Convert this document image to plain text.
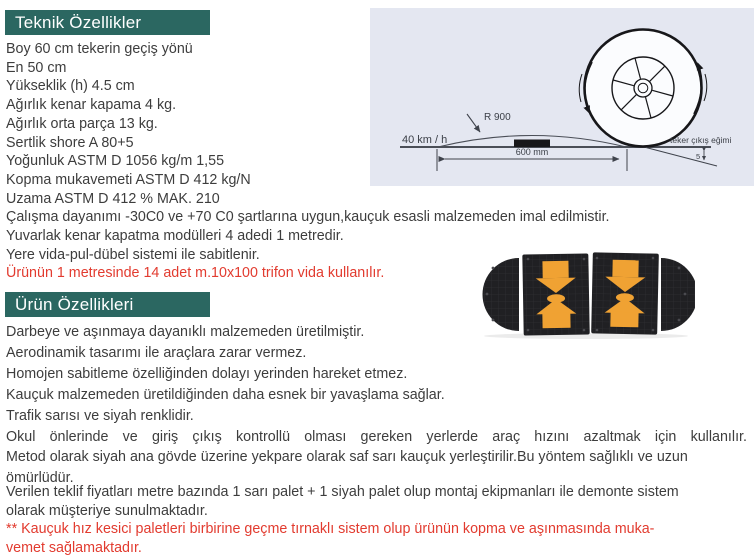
Teknik Özellikler
R 900
40 km / h
600 mm
teker çıkış eğimi
5
Boy 60 cm tekerin geçiş yönü
En 50 cm
Yükseklik (h) 4.5 cm
Ağırlık kenar kapama 4 kg.
Ağırlık orta parça 13 kg.
Sertlik shore A 80+5
Yoğunluk ASTM D 1056 kg/m 1,55
Kopma mukavemeti ASTM D 412 kg/N
Uzama ASTM D 412 % MAK. 210
Çalışma dayanımı -30C0 ve +70 C0 şartlarına uygun,kauçuk esasli malzemeden imal edilmistir.
Yuvarlak kenar kapatma modülleri 4 adedi 1 metredir.
Yere vida-pul-dübel sistemi ile sabitlenir.
Ürünün 1 metresinde 14 adet m.10x100 trifon vida kullanılır.
Ürün Özellikleri
Darbeye ve aşınmaya dayanıklı malzemeden üretilmiştir.
Aerodinamik tasarımı ile araçlara zarar vermez.
Homojen sabitleme özelliğinden dolayı yerinden hareket etmez.
Kauçuk malzemeden üretildiğinden daha esnek bir yavaşlama sağlar.
Trafik sarısı ve siyah renklidir.
Okul önlerinde ve giriş çıkış kontrollü olması gereken yerlerde araç hızını azaltmak için kullanılır.
Metod olarak siyah ana gövde üzerine yekpare olarak saf sarı kauçuk yerleştirilir.Bu yöntem sağlıklı ve uzun
ömürlüdür.
Verilen teklif fiyatları metre bazında 1 sarı palet + 1 siyah palet olup montaj ekipmanları ile demonte sistem
olarak müşteriye sunulmaktadır.
** Kauçuk hız kesici paletleri birbirine geçme tırnaklı sistem olup ürünün kopma ve aşınmasında muka-
vemet sağlamaktadır.
